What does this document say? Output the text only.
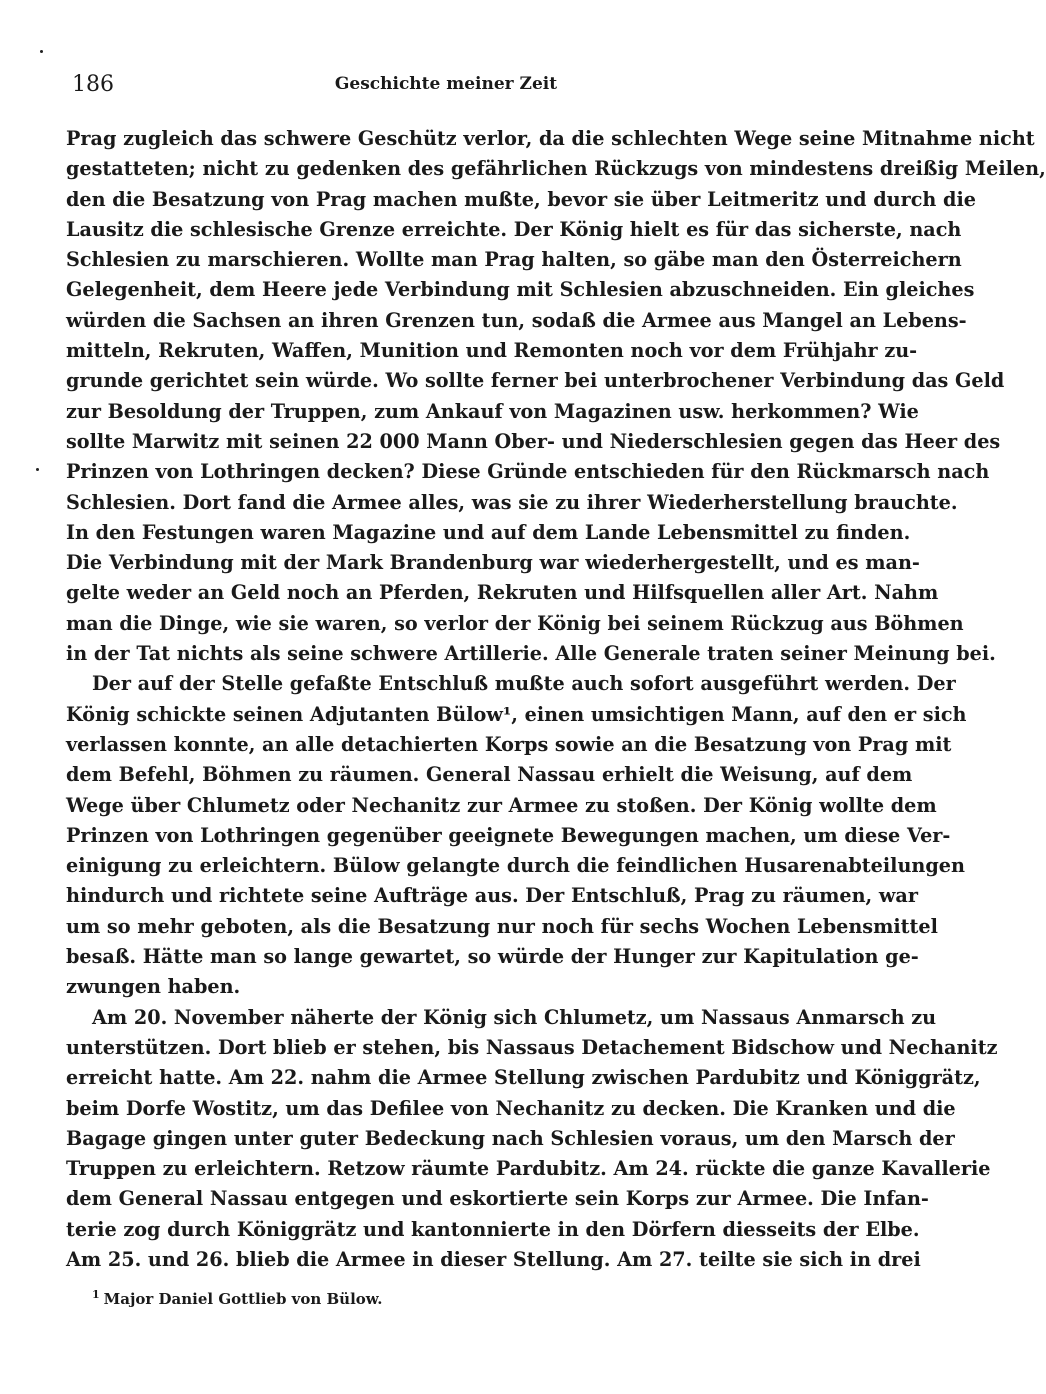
186	Geschichte meiner Zeit
Prag zugleich das schwere Geschütz verlor, da die schlechten Wege seine Mitnahme nicht
gestatteten; nicht zu gedenken des gefährlichen Rückzugs von mindestens dreißig Meilen,
den die Besatzung von Prag machen mußte, bevor sie über Leitmeritz und durch die
Lausitz die schlesische Grenze erreichte. Der König hielt es für das sicherste, nach
Schlesien zu marschieren. Wollte man Prag halten, so gäbe man den Österreichern
Gelegenheit, dem Heere jede Verbindung mit Schlesien abzuschneiden. Ein gleiches
würden die Sachsen an ihren Grenzen tun, sodaß die Armee aus Mangel an Lebens-
mitteln, Rekruten, Waffen, Munition und Remonten noch vor dem Frühjahr zu-
grunde gerichtet sein würde. Wo sollte ferner bei unterbrochener Verbindung das Geld
zur Besoldung der Truppen, zum Ankauf von Magazinen usw. herkommen? Wie
sollte Marwitz mit seinen 22 000 Mann Ober- und Niederschlesien gegen das Heer des
Prinzen von Lothringen decken? Diese Gründe entschieden für den Rückmarsch nach
Schlesien. Dort fand die Armee alles, was sie zu ihrer Wiederherstellung brauchte.
In den Festungen waren Magazine und auf dem Lande Lebensmittel zu finden.
Die Verbindung mit der Mark Brandenburg war wiederhergestellt, und es man-
gelte weder an Geld noch an Pferden, Rekruten und Hilfsquellen aller Art. Nahm
man die Dinge, wie sie waren, so verlor der König bei seinem Rückzug aus Böhmen
in der Tat nichts als seine schwere Artillerie. Alle Generale traten seiner Meinung bei.
Der auf der Stelle gefaßte Entschluß mußte auch sofort ausgeführt werden. Der
König schickte seinen Adjutanten Bülow¹, einen umsichtigen Mann, auf den er sich
verlassen konnte, an alle detachierten Korps sowie an die Besatzung von Prag mit
dem Befehl, Böhmen zu räumen. General Nassau erhielt die Weisung, auf dem
Wege über Chlumetz oder Nechanitz zur Armee zu stoßen. Der König wollte dem
Prinzen von Lothringen gegenüber geeignete Bewegungen machen, um diese Ver-
einigung zu erleichtern. Bülow gelangte durch die feindlichen Husarenabteilungen
hindurch und richtete seine Aufträge aus. Der Entschluß, Prag zu räumen, war
um so mehr geboten, als die Besatzung nur noch für sechs Wochen Lebensmittel
besaß. Hätte man so lange gewartet, so würde der Hunger zur Kapitulation ge-
zwungen haben.
Am 20. November näherte der König sich Chlumetz, um Nassaus Anmarsch zu
unterstützen. Dort blieb er stehen, bis Nassaus Detachement Bidschow und Nechanitz
erreicht hatte. Am 22. nahm die Armee Stellung zwischen Pardubitz und Königgrätz,
beim Dorfe Wostitz, um das Defilee von Nechanitz zu decken. Die Kranken und die
Bagage gingen unter guter Bedeckung nach Schlesien voraus, um den Marsch der
Truppen zu erleichtern. Retzow räumte Pardubitz. Am 24. rückte die ganze Kavallerie
dem General Nassau entgegen und eskortierte sein Korps zur Armee. Die Infan-
terie zog durch Königgrätz und kantonnierte in den Dörfern diesseits der Elbe.
Am 25. und 26. blieb die Armee in dieser Stellung. Am 27. teilte sie sich in drei
$^1$ Major Daniel Gottlieb von Bülow.
